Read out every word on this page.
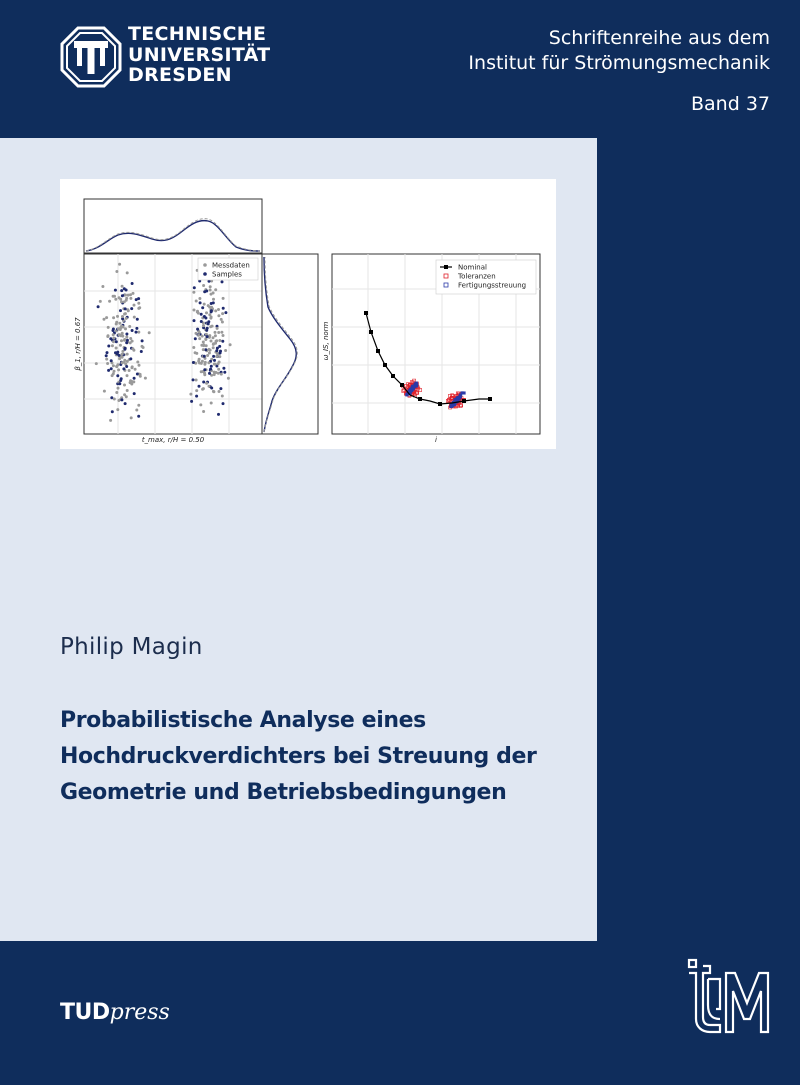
TECHNISCHE
UNIVERSITÄT
DRESDEN
Schriftenreihe aus dem
Institut für Strömungsmechanik
Band 37
Messdaten
Samples
t_max, r/H = 0.50
β_1, r/H = 0.67
Nominal
Toleranzen
Fertigungsstreuung
i
ω_IS, norm
Philip Magin
Probabilistische Analyse eines
Hochdruckverdichters bei Streuung der
Geometrie und Betriebsbedingungen
TUDpress
